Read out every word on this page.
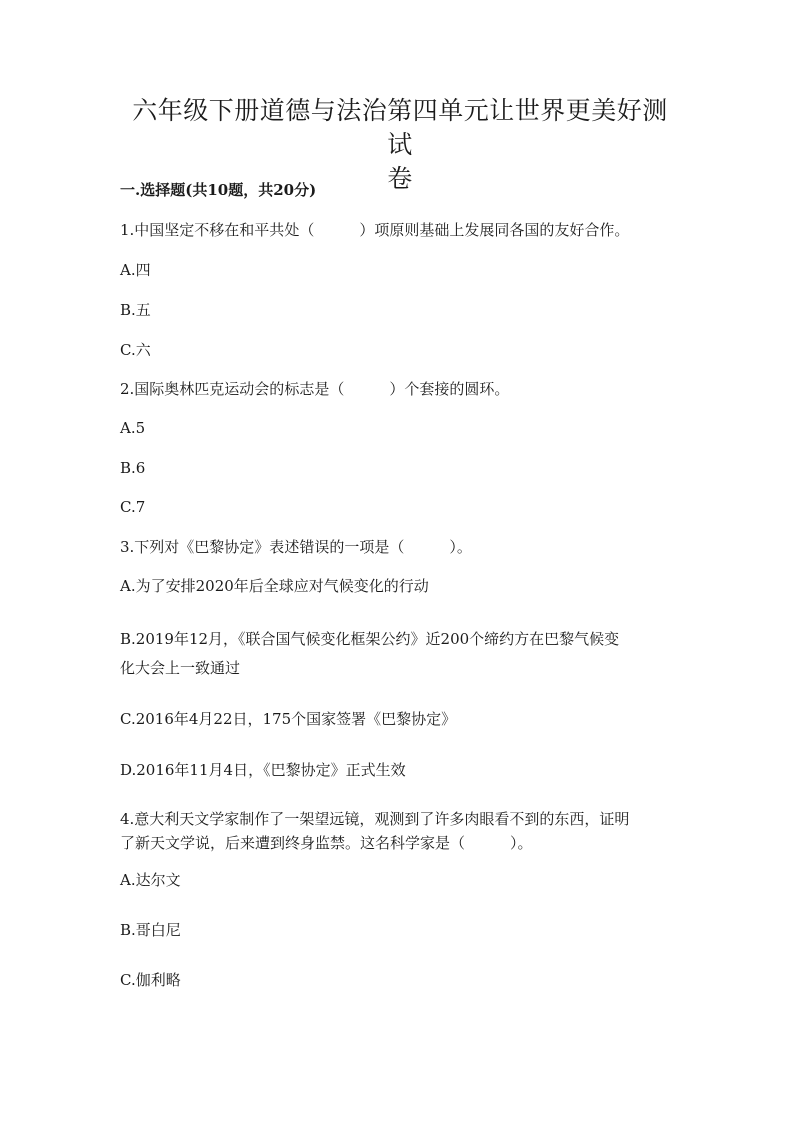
六年级下册道德与法治第四单元让世界更美好测试
卷
一.选择题(共10题，共20分)
1.中国坚定不移在和平共处（　　　）项原则基础上发展同各国的友好合作。
A.四
B.五
C.六
2.国际奥林匹克运动会的标志是（　　　）个套接的圆环。
A.5
B.6
C.7
3.下列对《巴黎协定》表述错误的一项是（　　　）。
A.为了安排2020年后全球应对气候变化的行动
B.2019年12月，《联合国气候变化框架公约》近200个缔约方在巴黎气候变
化大会上一致通过
C.2016年4月22日，175个国家签署《巴黎协定》
D.2016年11月4日，《巴黎协定》正式生效
4.意大利天文学家制作了一架望远镜，观测到了许多肉眼看不到的东西，证明
了新天文学说，后来遭到终身监禁。这名科学家是（　　　）。
A.达尔文
B.哥白尼
C.伽利略
